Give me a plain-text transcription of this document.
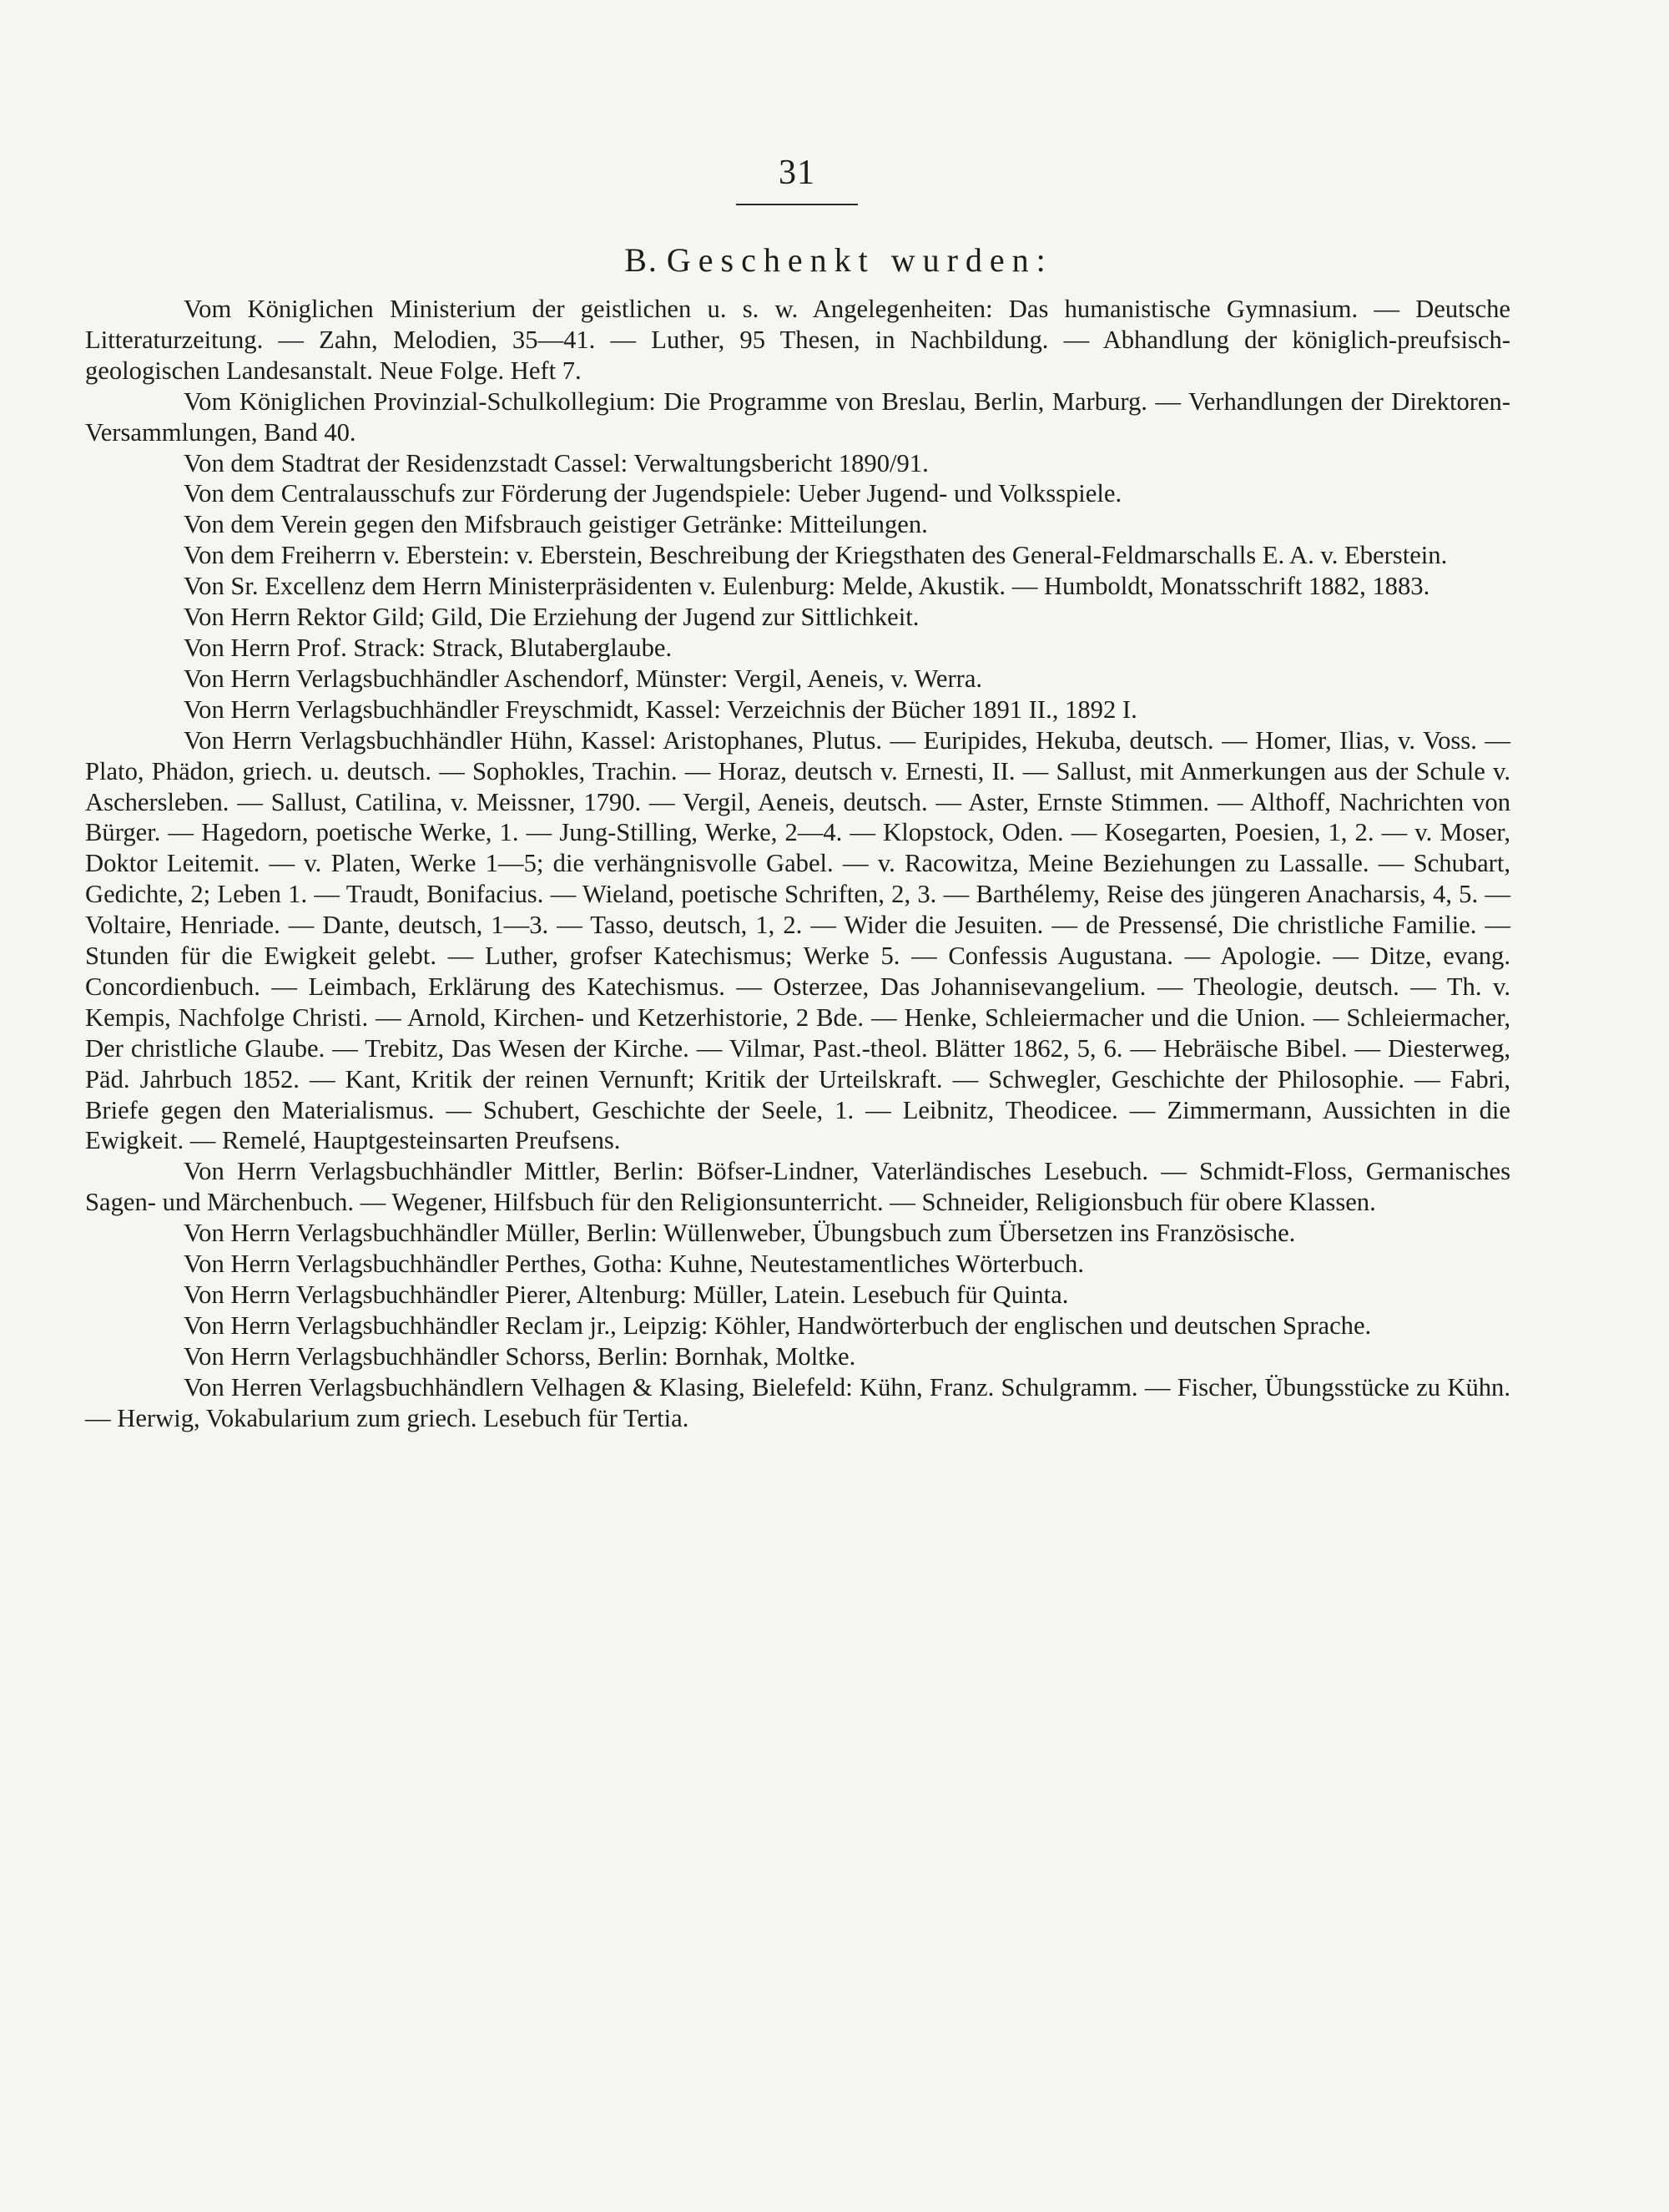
31
B. Geschenkt wurden:

Vom Königlichen Ministerium der geistlichen u. s. w. Angelegenheiten: Das humanistische Gymnasium. — Deutsche Litteraturzeitung. — Zahn, Melodien, 35—41. — Luther, 95 Thesen, in Nachbildung. — Abhandlung der königlich-preufsisch-geologischen Landesanstalt. Neue Folge. Heft 7.

Vom Königlichen Provinzial-Schulkollegium: Die Programme von Breslau, Berlin, Marburg. — Verhandlungen der Direktoren-Versammlungen, Band 40.

Von dem Stadtrat der Residenzstadt Cassel: Verwaltungsbericht 1890/91.

Von dem Centralausschufs zur Förderung der Jugendspiele: Ueber Jugend- und Volksspiele.

Von dem Verein gegen den Mifsbrauch geistiger Getränke: Mitteilungen.

Von dem Freiherrn v. Eberstein: v. Eberstein, Beschreibung der Kriegsthaten des General-Feldmarschalls E. A. v. Eberstein.

Von Sr. Excellenz dem Herrn Ministerpräsidenten v. Eulenburg: Melde, Akustik. — Humboldt, Monatsschrift 1882, 1883.

Von Herrn Rektor Gild; Gild, Die Erziehung der Jugend zur Sittlichkeit.

Von Herrn Prof. Strack: Strack, Blutaberglaube.

Von Herrn Verlagsbuchhändler Aschendorf, Münster: Vergil, Aeneis, v. Werra.

Von Herrn Verlagsbuchhändler Freyschmidt, Kassel: Verzeichnis der Bücher 1891 II., 1892 I.

Von Herrn Verlagsbuchhändler Hühn, Kassel: Aristophanes, Plutus. — Euripides, Hekuba, deutsch. — Homer, Ilias, v. Voss. — Plato, Phädon, griech. u. deutsch. — Sophokles, Trachin. — Horaz, deutsch v. Ernesti, II. — Sallust, mit Anmerkungen aus der Schule v. Aschersleben. — Sallust, Catilina, v. Meissner, 1790. — Vergil, Aeneis, deutsch. — Aster, Ernste Stimmen. — Althoff, Nachrichten von Bürger. — Hagedorn, poetische Werke, 1. — Jung-Stilling, Werke, 2—4. — Klopstock, Oden. — Kosegarten, Poesien, 1, 2. — v. Moser, Doktor Leitemit. — v. Platen, Werke 1—5; die verhängnisvolle Gabel. — v. Racowitza, Meine Beziehungen zu Lassalle. — Schubart, Gedichte, 2; Leben 1. — Traudt, Bonifacius. — Wieland, poetische Schriften, 2, 3. — Barthélemy, Reise des jüngeren Anacharsis, 4, 5. — Voltaire, Henriade. — Dante, deutsch, 1—3. — Tasso, deutsch, 1, 2. — Wider die Jesuiten. — de Pressensé, Die christliche Familie. — Stunden für die Ewigkeit gelebt. — Luther, grofser Katechismus; Werke 5. — Confessis Augustana. — Apologie. — Ditze, evang. Concordienbuch. — Leimbach, Erklärung des Katechismus. — Osterzee, Das Johannisevangelium. — Theologie, deutsch. — Th. v. Kempis, Nachfolge Christi. — Arnold, Kirchen- und Ketzerhistorie, 2 Bde. — Henke, Schleiermacher und die Union. — Schleiermacher, Der christliche Glaube. — Trebitz, Das Wesen der Kirche. — Vilmar, Past.-theol. Blätter 1862, 5, 6. — Hebräische Bibel. — Diesterweg, Päd. Jahrbuch 1852. — Kant, Kritik der reinen Vernunft; Kritik der Urteilskraft. — Schwegler, Geschichte der Philosophie. — Fabri, Briefe gegen den Materialismus. — Schubert, Geschichte der Seele, 1. — Leibnitz, Theodicee. — Zimmermann, Aussichten in die Ewigkeit. — Remelé, Hauptgesteinsarten Preufsens.

Von Herrn Verlagsbuchhändler Mittler, Berlin: Böfser-Lindner, Vaterländisches Lesebuch. — Schmidt-Floss, Germanisches Sagen- und Märchenbuch. — Wegener, Hilfsbuch für den Religionsunterricht. — Schneider, Religionsbuch für obere Klassen.

Von Herrn Verlagsbuchhändler Müller, Berlin: Wüllenweber, Übungsbuch zum Übersetzen ins Französische.

Von Herrn Verlagsbuchhändler Perthes, Gotha: Kuhne, Neutestamentliches Wörterbuch.

Von Herrn Verlagsbuchhändler Pierer, Altenburg: Müller, Latein. Lesebuch für Quinta.

Von Herrn Verlagsbuchhändler Reclam jr., Leipzig: Köhler, Handwörterbuch der englischen und deutschen Sprache.

Von Herrn Verlagsbuchhändler Schorss, Berlin: Bornhak, Moltke.

Von Herren Verlagsbuchhändlern Velhagen & Klasing, Bielefeld: Kühn, Franz. Schulgramm. — Fischer, Übungsstücke zu Kühn. — Herwig, Vokabularium zum griech. Lesebuch für Tertia.
